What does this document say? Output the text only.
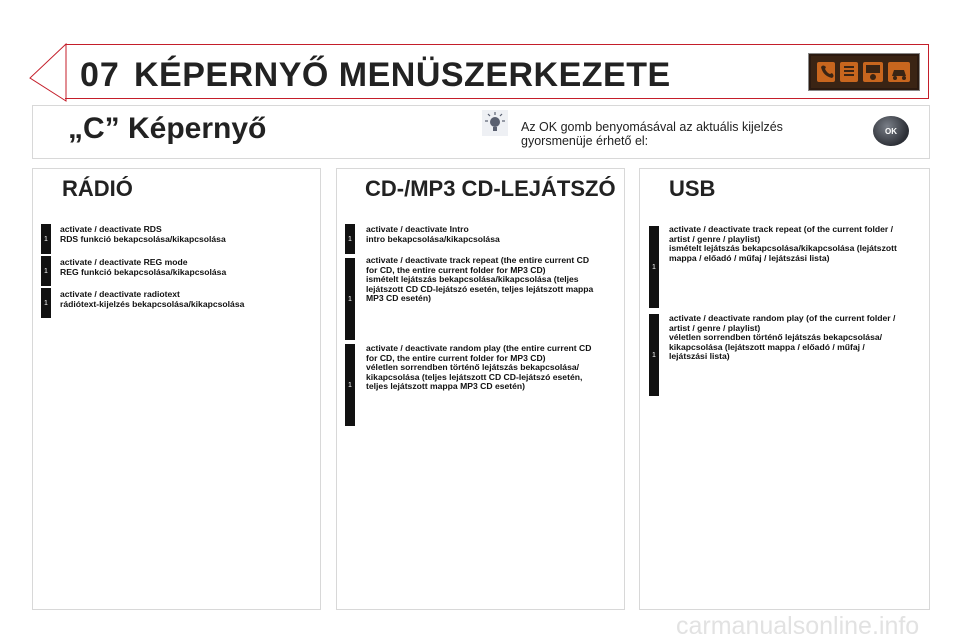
07 KÉPERNYŐ MENÜSZERKEZETE
„C” Képernyő	Az OK gomb benyomásával az aktuális kijelzés
gyorsmenüje érhető el:
OK
RÁDIÓ
1
activate / deactivate RDS
RDS funkció bekapcsolása/kikapcsolása
1
activate / deactivate REG mode
REG funkció bekapcsolása/kikapcsolása
1
activate / deactivate radiotext
rádiótext-kijelzés bekapcsolása/kikapcsolása
CD-/MP3 CD-LEJÁTSZÓ
1
activate / deactivate Intro
intro bekapcsolása/kikapcsolása
1
activate / deactivate track repeat (the entire current CD
for CD, the entire current folder for MP3 CD)
ismételt lejátszás bekapcsolása/kikapcsolása (teljes
lejátszott CD CD-lejátszó esetén, teljes lejátszott mappa
MP3 CD esetén)
1
activate / deactivate random play (the entire current CD
for CD, the entire current folder for MP3 CD)
véletlen sorrendben történő lejátszás bekapcsolása/
kikapcsolása (teljes lejátszott CD CD-lejátszó esetén,
teljes lejátszott mappa MP3 CD esetén)
USB
1
activate / deactivate track repeat (of the current folder /
artist / genre / playlist)
ismételt lejátszás bekapcsolása/kikapcsolása (lejátszott
mappa / előadó / műfaj / lejátszási lista)
1
activate / deactivate random play (of the current folder /
artist / genre / playlist)
véletlen sorrendben történő lejátszás bekapcsolása/
kikapcsolása (lejátszott mappa / előadó / műfaj /
lejátszási lista)
carmanualsonline.info
